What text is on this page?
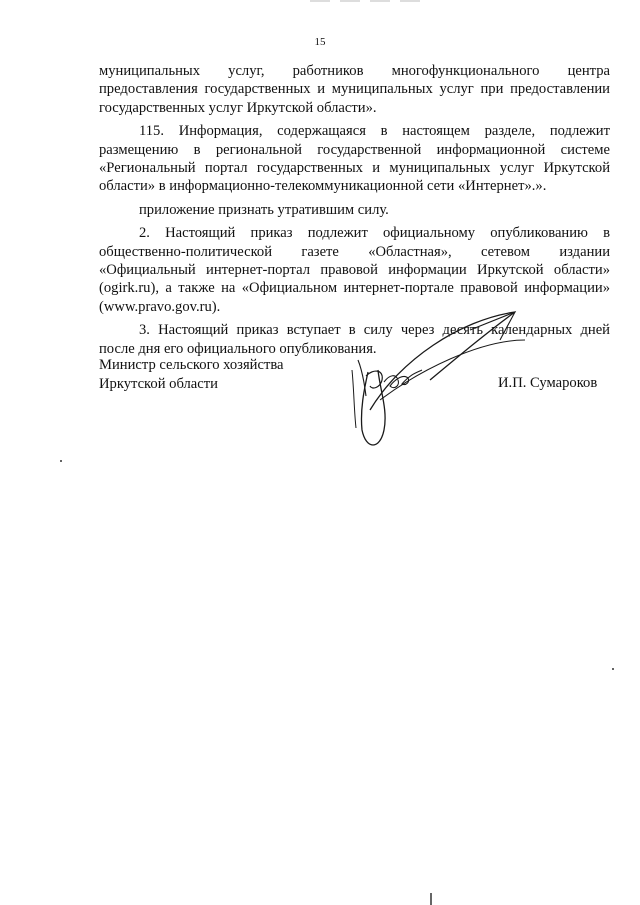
15

муниципальных услуг, работников многофункционального центра
предоставления государственных и муниципальных услуг при предоставлении
государственных услуг Иркутской области».

115. Информация, содержащаяся в настоящем разделе, подлежит
размещению в региональной государственной информационной системе
«Региональный портал государственных и муниципальных услуг Иркутской
области» в информационно-телекоммуникационной сети «Интернет».».

приложение признать утратившим силу.

2. Настоящий приказ подлежит официальному опубликованию в
общественно-политической газете «Областная», сетевом издании
«Официальный интернет-портал правовой информации Иркутской области»
(ogirk.ru), а также на «Официальном интернет-портале правовой информации»
(www.pravo.gov.ru).

3. Настоящий приказ вступает в силу через десять календарных дней
после дня его официального опубликования.

Министр сельского хозяйства
Иркутской области	И.П. Сумароков
